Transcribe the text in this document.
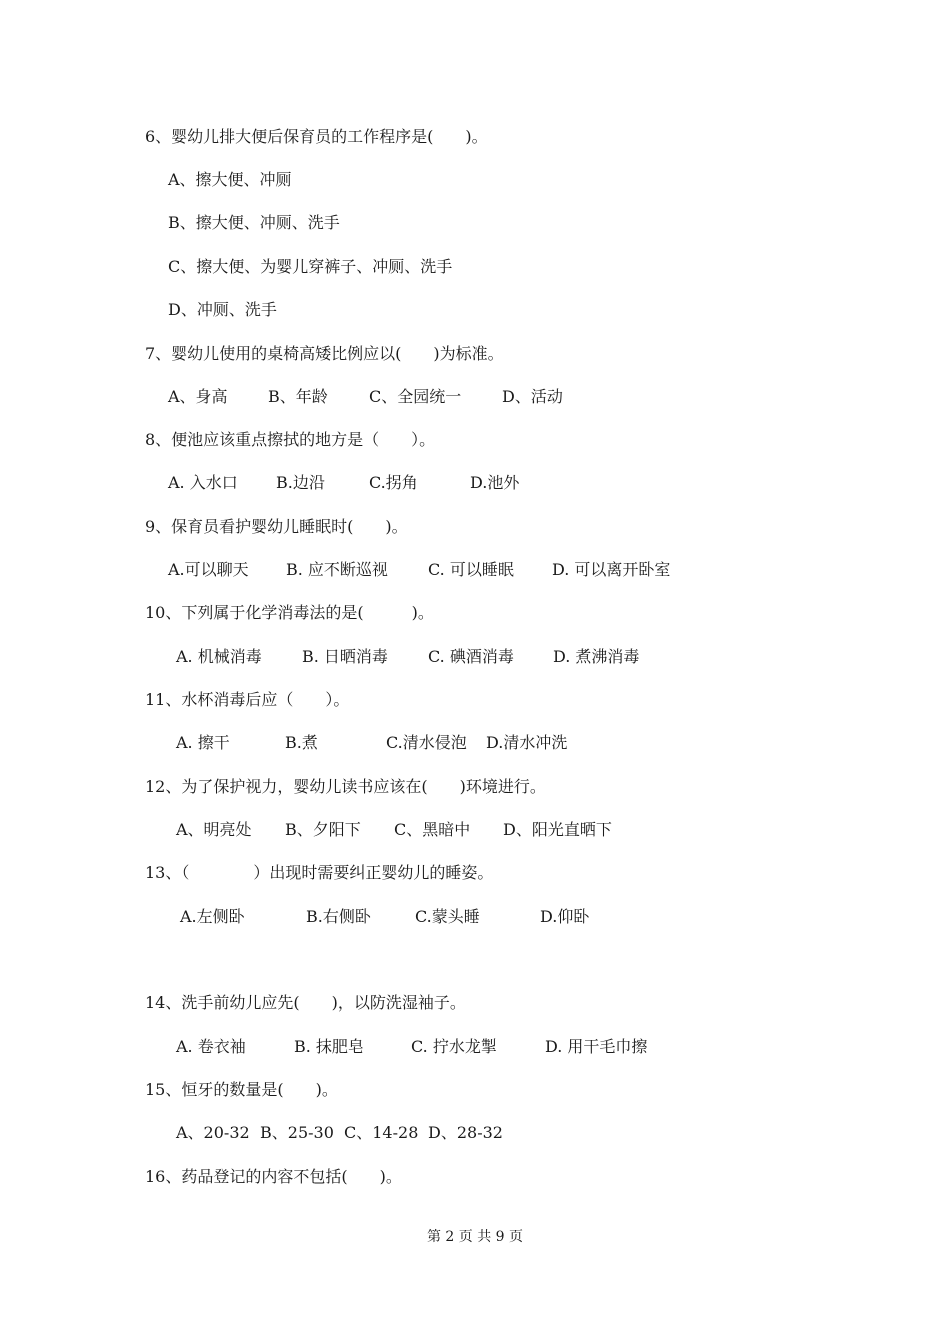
6、婴幼儿排大便后保育员的工作程序是(　　)。
A、擦大便、冲厕
B、擦大便、冲厕、洗手
C、擦大便、为婴儿穿裤子、冲厕、洗手
D、冲厕、洗手
7、婴幼儿使用的桌椅高矮比例应以(　　)为标准。
A、身高	B、年龄	C、全园统一	D、活动
8、便池应该重点擦拭的地方是（　　）。
A. 入水口 B.边沿	C.拐角	D.池外
9、保育员看护婴幼儿睡眠时(　　)。
A.可以聊天 B. 应不断巡视	C. 可以睡眠 D. 可以离开卧室
10、下列属于化学消毒法的是(　　　)。
A. 机械消毒	B. 日晒消毒	C. 碘酒消毒 D. 煮沸消毒
11、水杯消毒后应（　　）。
A. 擦干	B.煮	C.清水侵泡 D.清水冲洗
12、为了保护视力，婴幼儿读书应该在(　　)环境进行。
A、明亮处 B、夕阳下 C、黑暗中 D、阳光直晒下
13、（　　　　）出现时需要纠正婴幼儿的睡姿。
A.左侧卧	B.右侧卧	C.蒙头睡	D.仰卧
14、洗手前幼儿应先(　　)，以防洗湿袖子。
A. 卷衣袖	B. 抹肥皂	C. 拧水龙掣	D. 用干毛巾擦
15、恒牙的数量是(　　)。
A、20-32 B、25-30 C、14-28 D、28-32
16、药品登记的内容不包括(　　)。
第 2 页 共 9 页
